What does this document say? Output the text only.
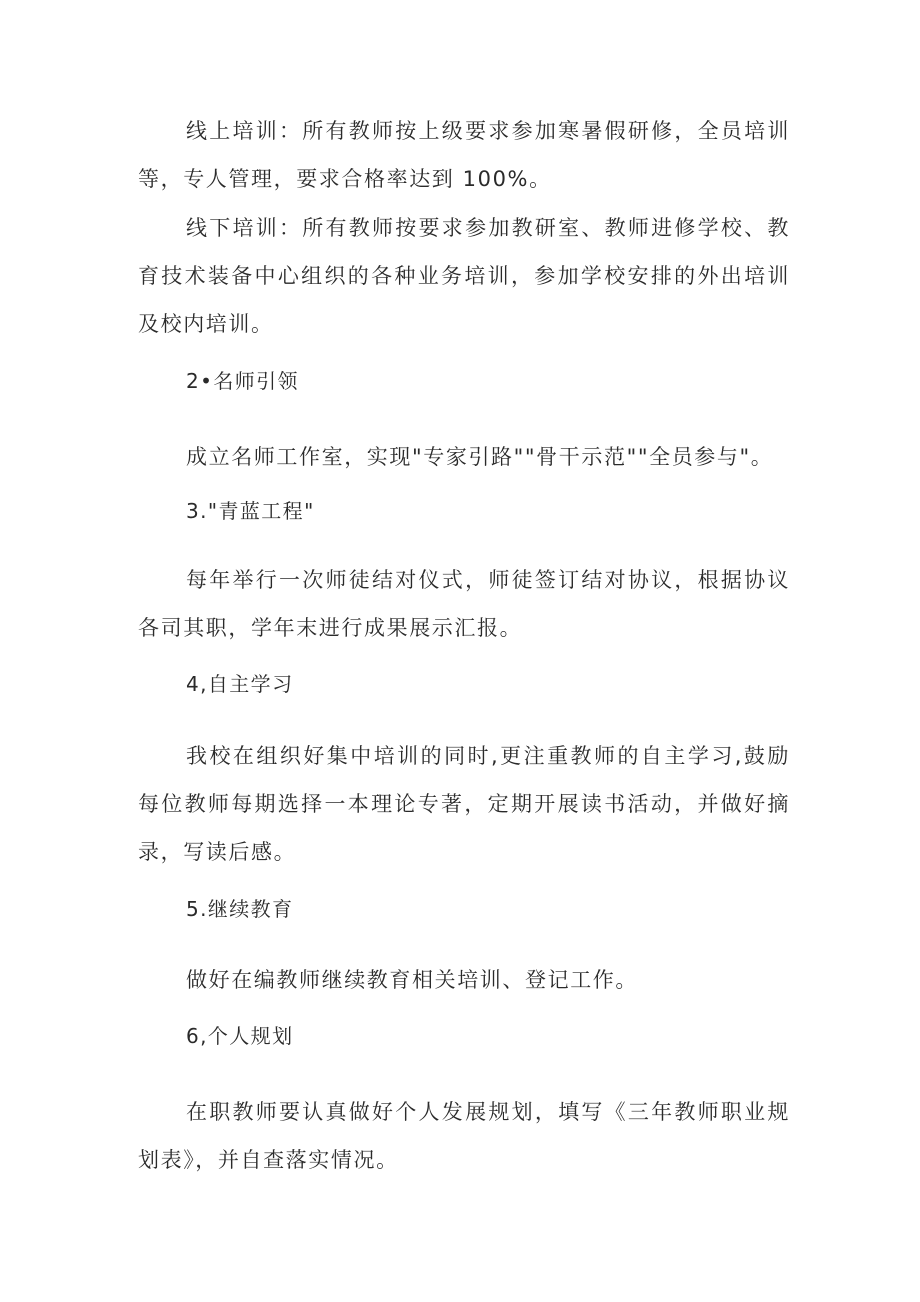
线上培训：所有教师按上级要求参加寒暑假研修，全员培训等，专人管理，要求合格率达到 100%。

线下培训：所有教师按要求参加教研室、教师进修学校、教育技术装备中心组织的各种业务培训，参加学校安排的外出培训及校内培训。

2•名师引领

成立名师工作室，实现"专家引路""骨干示范""全员参与"。

3."青蓝工程"

每年举行一次师徒结对仪式，师徒签订结对协议，根据协议各司其职，学年末进行成果展示汇报。

4,自主学习

我校在组织好集中培训的同时,更注重教师的自主学习,鼓励每位教师每期选择一本理论专著，定期开展读书活动，并做好摘录，写读后感。

5.继续教育

做好在编教师继续教育相关培训、登记工作。

6,个人规划

在职教师要认真做好个人发展规划，填写《三年教师职业规划表》，并自查落实情况。
